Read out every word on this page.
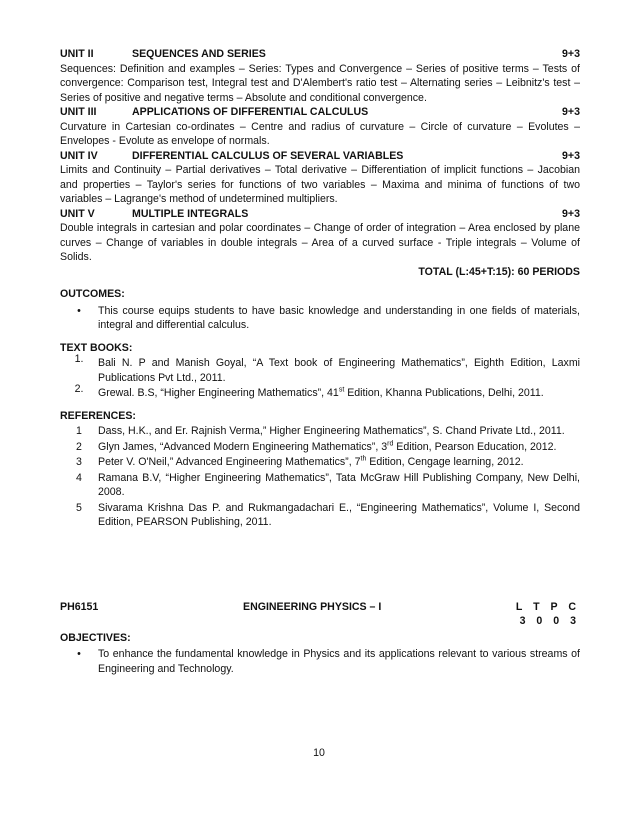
UNIT II	SEQUENCES AND SERIES	9+3
Sequences: Definition and examples – Series: Types and Convergence – Series of positive terms – Tests of convergence: Comparison test, Integral test and D'Alembert's ratio test – Alternating series – Leibnitz's test – Series of positive and negative terms – Absolute and conditional convergence.
UNIT III	APPLICATIONS OF DIFFERENTIAL CALCULUS	9+3
Curvature in Cartesian co-ordinates – Centre and radius of curvature – Circle of curvature – Evolutes – Envelopes - Evolute as envelope of normals.
UNIT IV	DIFFERENTIAL CALCULUS OF SEVERAL VARIABLES	9+3
Limits and Continuity – Partial derivatives – Total derivative – Differentiation of implicit functions – Jacobian and properties – Taylor's series for functions of two variables – Maxima and minima of functions of two variables – Lagrange's method of undetermined multipliers.
UNIT V	MULTIPLE INTEGRALS	9+3
Double integrals in cartesian and polar coordinates – Change of order of integration – Area enclosed by plane curves – Change of variables in double integrals – Area of a curved surface - Triple integrals – Volume of Solids.
TOTAL (L:45+T:15): 60 PERIODS
OUTCOMES:
•	This course equips students to have basic knowledge and understanding in one fields of materials, integral and differential calculus.
TEXT BOOKS:
1.	Bali N. P and Manish Goyal, “A Text book of Engineering Mathematics”, Eighth Edition, Laxmi Publications Pvt Ltd., 2011.
2.	Grewal. B.S, “Higher Engineering Mathematics”, 41st Edition, Khanna Publications, Delhi, 2011.
REFERENCES:
1	Dass, H.K., and Er. Rajnish Verma,” Higher Engineering Mathematics”, S. Chand Private Ltd., 2011.
2	Glyn James, “Advanced Modern Engineering Mathematics”, 3rd Edition, Pearson Education, 2012.
3	Peter V. O'Neil,” Advanced Engineering Mathematics”, 7th Edition, Cengage learning, 2012.
4	Ramana B.V, “Higher Engineering Mathematics”, Tata McGraw Hill Publishing Company, New Delhi, 2008.
5	Sivarama Krishna Das P. and Rukmangadachari E., “Engineering Mathematics”, Volume I, Second Edition, PEARSON Publishing, 2011.
PH6151	ENGINEERING PHYSICS – I	L T P C
3 0 0 3
OBJECTIVES:
•	To enhance the fundamental knowledge in Physics and its applications relevant to various streams of Engineering and Technology.
10
